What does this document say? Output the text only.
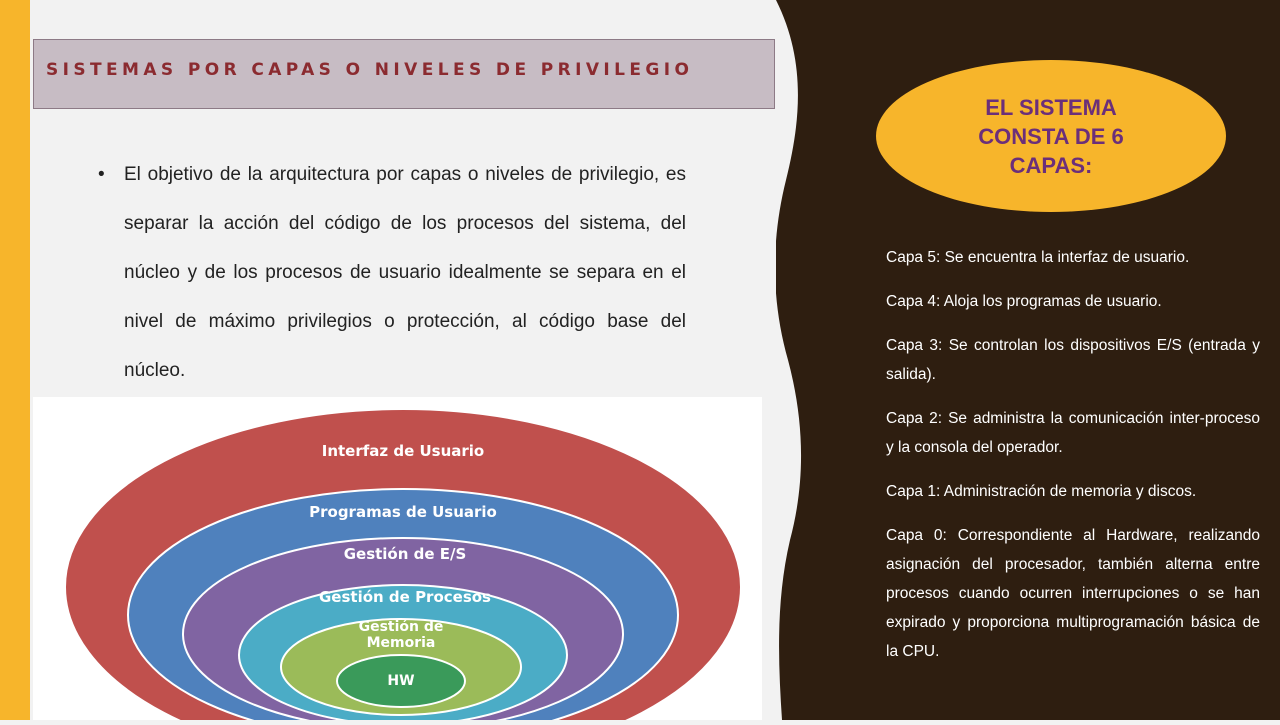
SISTEMAS POR CAPAS O NIVELES DE PRIVILEGIO
• El objetivo de la arquitectura por capas o niveles de privilegio, es separar la acción del código de los procesos del sistema, del núcleo y de los procesos de usuario idealmente se separa en el nivel de máximo privilegios o protección, al código base del núcleo.
Interfaz de Usuario
Programas de Usuario
Gestión de E/S
Gestión de Procesos
Gestión de
Memoria
HW
EL SISTEMA CONSTA DE 6 CAPAS:

Capa 5: Se encuentra la interfaz de usuario.

Capa 4: Aloja los programas de usuario.

Capa 3: Se controlan los dispositivos E/S (entrada y salida).

Capa 2: Se administra la comunicación inter-proceso y la consola del operador.

Capa 1: Administración de memoria y discos.

Capa 0: Correspondiente al Hardware, realizando asignación del procesador, también alterna entre procesos cuando ocurren interrupciones o se han expirado y proporciona multiprogramación básica de la CPU.
